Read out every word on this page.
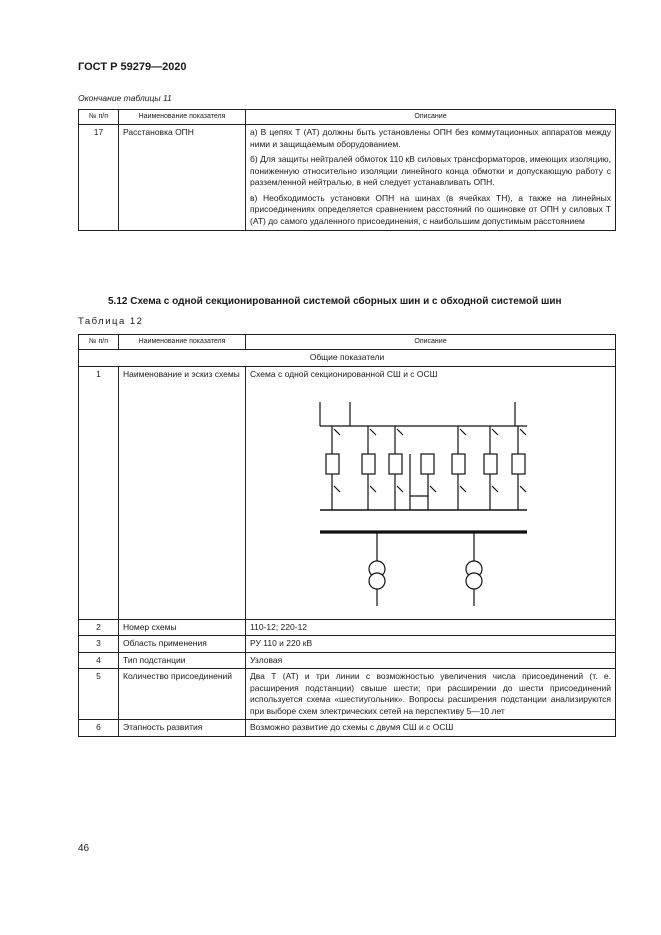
ГОСТ Р 59279—2020
Окончание таблицы 11
№ п/п	Наименование показателя	Описание
17	Расстановка ОПН	а) В цепях Т (АТ) должны быть установлены ОПН без коммутационных аппаратов между ними и защищаемым оборудованием.

б) Для защиты нейтралей обмоток 110 кВ силовых трансформаторов, имеющих изоляцию, пониженную относительно изоляции линейного конца обмотки и допускающую работу с разземленной нейтралью, в ней следует устанавливать ОПН.

в) Необходимость установки ОПН на шинах (в ячейках ТН), а также на линейных присоединениях определяется сравнением расстояний по ошиновке от ОПН у силовых Т (АТ) до самого удаленного присоединения, с наибольшим допустимым расстоянием

5.12 Схема с одной секционированной системой сборных шин и с обходной системой шин
Таблица 12
№ п/п	Наименование показателя	Описание
Общие показатели		
1	Наименование и эскиз схемы	Схема с одной секционированной СШ и с ОСШ

2	Номер схемы	110-12; 220-12
3	Область применения	РУ 110 и 220 кВ
4	Тип подстанции	Узловая
5	Количество присоединений	Два Т (АТ) и три линии с возможностью увеличения числа присоединений (т. е. расширения подстанции) свыше шести; при расширении до шести присоединений используется схема «шестиугольник». Вопросы расширения подстанции анализируются при выборе схем электрических сетей на перспективу 5—10 лет
6	Этапность развития	Возможно развитие до схемы с двумя СШ и с ОСШ
46
